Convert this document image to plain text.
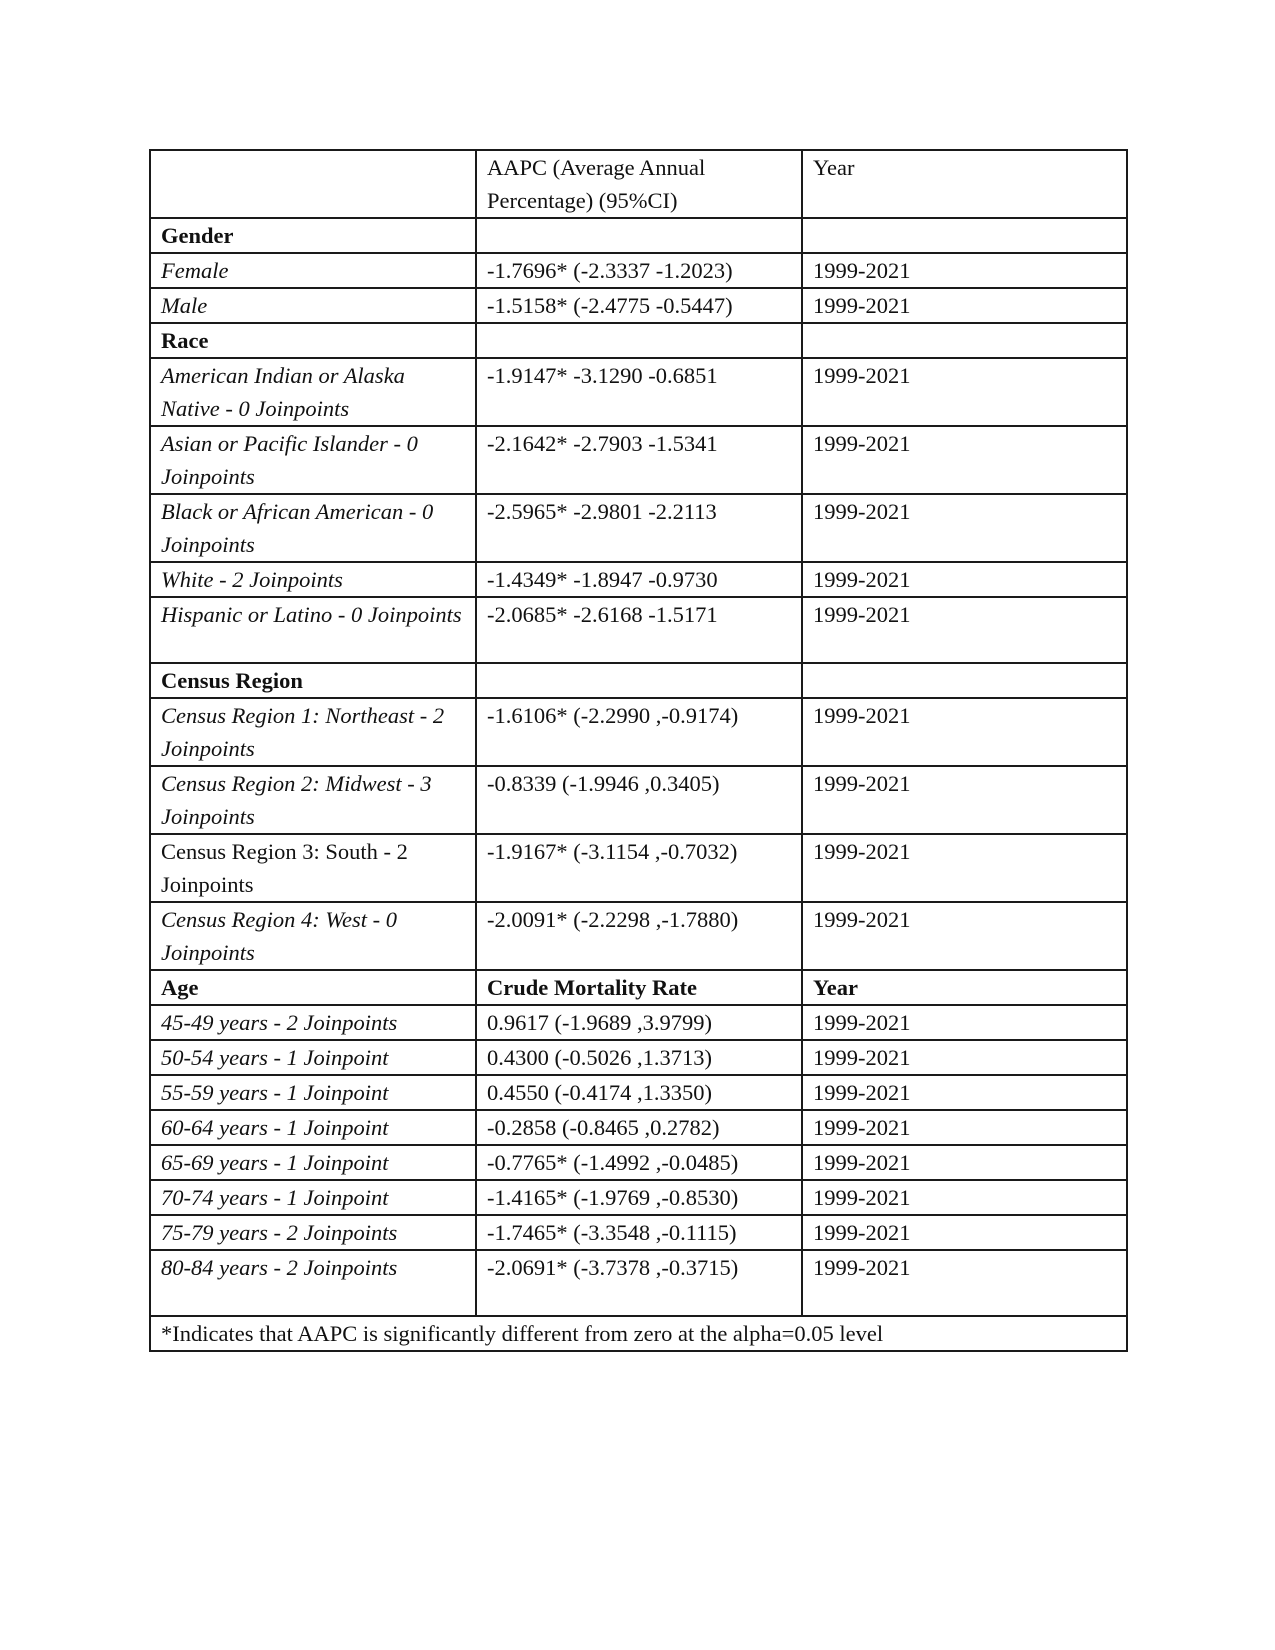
	AAPC (Average Annual Percentage) (95%CI)	Year
Gender		
Female	-1.7696* (-2.3337 -1.2023)	1999-2021
Male	-1.5158* (-2.4775 -0.5447)	1999-2021
Race		
American Indian or Alaska Native - 0 Joinpoints	-1.9147* -3.1290 -0.6851	1999-2021
Asian or Pacific Islander - 0 Joinpoints	-2.1642* -2.7903 -1.5341	1999-2021
Black or African American - 0 Joinpoints	-2.5965* -2.9801 -2.2113	1999-2021
White - 2 Joinpoints	-1.4349* -1.8947 -0.9730	1999-2021
Hispanic or Latino - 0 Joinpoints	-2.0685* -2.6168 -1.5171	1999-2021
Census Region		
Census Region 1: Northeast - 2 Joinpoints	-1.6106* (-2.2990 ,-0.9174)	1999-2021
Census Region 2: Midwest - 3 Joinpoints	-0.8339 (-1.9946 ,0.3405)	1999-2021
Census Region 3: South - 2 Joinpoints	-1.9167* (-3.1154 ,-0.7032)	1999-2021
Census Region 4: West - 0 Joinpoints	-2.0091* (-2.2298 ,-1.7880)	1999-2021
Age	Crude Mortality Rate	Year
45-49 years - 2 Joinpoints	0.9617 (-1.9689 ,3.9799)	1999-2021
50-54 years - 1 Joinpoint	0.4300 (-0.5026 ,1.3713)	1999-2021
55-59 years - 1 Joinpoint	0.4550 (-0.4174 ,1.3350)	1999-2021
60-64 years - 1 Joinpoint	-0.2858 (-0.8465 ,0.2782)	1999-2021
65-69 years - 1 Joinpoint	-0.7765* (-1.4992 ,-0.0485)	1999-2021
70-74 years - 1 Joinpoint	-1.4165* (-1.9769 ,-0.8530)	1999-2021
75-79 years - 2 Joinpoints	-1.7465* (-3.3548 ,-0.1115)	1999-2021
80-84 years - 2 Joinpoints	-2.0691* (-3.7378 ,-0.3715)	1999-2021
*Indicates that AAPC is significantly different from zero at the alpha=0.05 level		
